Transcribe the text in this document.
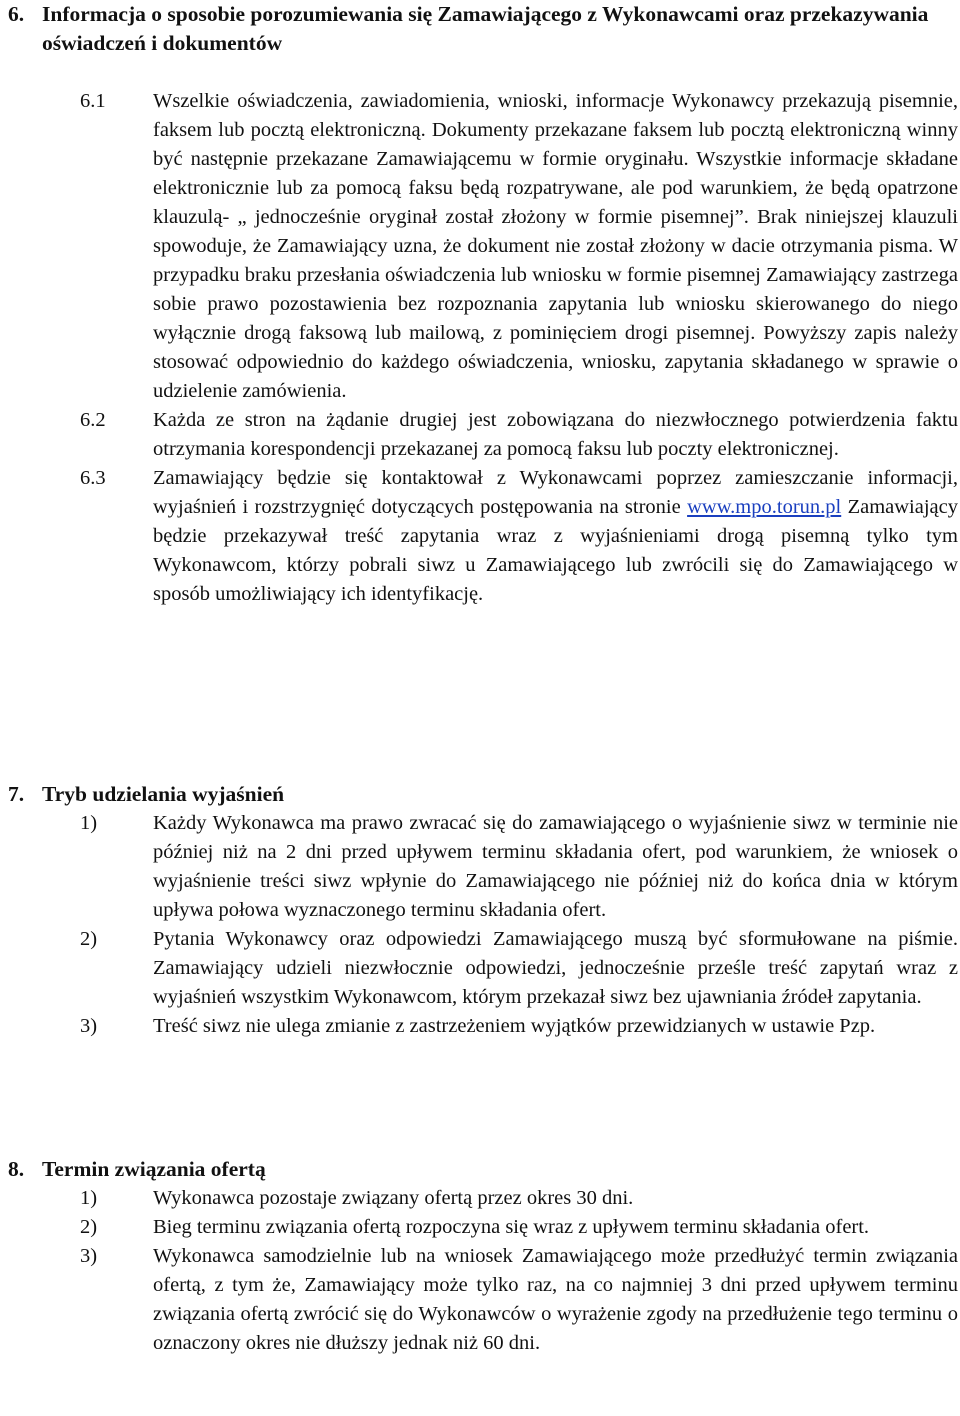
6. Informacja o sposobie porozumiewania się Zamawiającego z Wykonawcami oraz przekazywania oświadczeń i dokumentów
6.1	Wszelkie oświadczenia, zawiadomienia, wnioski, informacje Wykonawcy przekazują pisemnie, faksem lub pocztą elektroniczną. Dokumenty przekazane faksem lub pocztą elektroniczną winny być następnie przekazane Zamawiającemu w formie oryginału. Wszystkie informacje składane elektronicznie lub za pomocą faksu będą rozpatrywane, ale pod warunkiem, że będą opatrzone klauzulą- „ jednocześnie oryginał został złożony w formie pisemnej”. Brak niniejszej klauzuli spowoduje, że Zamawiający uzna, że dokument nie został złożony w dacie otrzymania pisma. W przypadku braku przesłania oświadczenia lub wniosku w formie pisemnej Zamawiający zastrzega sobie prawo pozostawienia bez rozpoznania zapytania lub wniosku skierowanego do niego wyłącznie drogą faksową lub mailową, z pominięciem drogi pisemnej. Powyższy zapis należy stosować odpowiednio do każdego oświadczenia, wniosku, zapytania składanego w sprawie o udzielenie zamówienia.
6.2	Każda ze stron na żądanie drugiej jest zobowiązana do niezwłocznego potwierdzenia faktu otrzymania korespondencji przekazanej za pomocą faksu lub poczty elektronicznej.
6.3	Zamawiający będzie się kontaktował z Wykonawcami poprzez zamieszczanie informacji, wyjaśnień i rozstrzygnięć dotyczących postępowania na stronie www.mpo.torun.pl Zamawiający będzie przekazywał treść zapytania wraz z wyjaśnieniami drogą pisemną tylko tym Wykonawcom, którzy pobrali siwz u Zamawiającego lub zwrócili się do Zamawiającego w sposób umożliwiający ich identyfikację.
7. Tryb udzielania wyjaśnień
1)	Każdy Wykonawca ma prawo zwracać się do zamawiającego o wyjaśnienie siwz w terminie nie później niż na 2 dni przed upływem terminu składania ofert, pod warunkiem, że wniosek o wyjaśnienie treści siwz wpłynie do Zamawiającego nie później niż do końca dnia w którym upływa połowa wyznaczonego terminu składania ofert.
2)	Pytania Wykonawcy oraz odpowiedzi Zamawiającego muszą być sformułowane na piśmie. Zamawiający udzieli niezwłocznie odpowiedzi, jednocześnie prześle treść zapytań wraz z wyjaśnień wszystkim Wykonawcom, którym przekazał siwz bez ujawniania źródeł zapytania.
3)	Treść siwz nie ulega zmianie z zastrzeżeniem wyjątków przewidzianych w ustawie Pzp.
8. Termin związania ofertą
1)	Wykonawca pozostaje związany ofertą przez okres 30 dni.
2)	Bieg terminu związania ofertą rozpoczyna się wraz z upływem terminu składania ofert.
3)	Wykonawca samodzielnie lub na wniosek Zamawiającego może przedłużyć termin związania ofertą, z tym że, Zamawiający może tylko raz, na co najmniej 3 dni przed upływem terminu związania ofertą zwrócić się do Wykonawców o wyrażenie zgody na przedłużenie tego terminu o oznaczony okres nie dłuższy jednak niż 60 dni.
